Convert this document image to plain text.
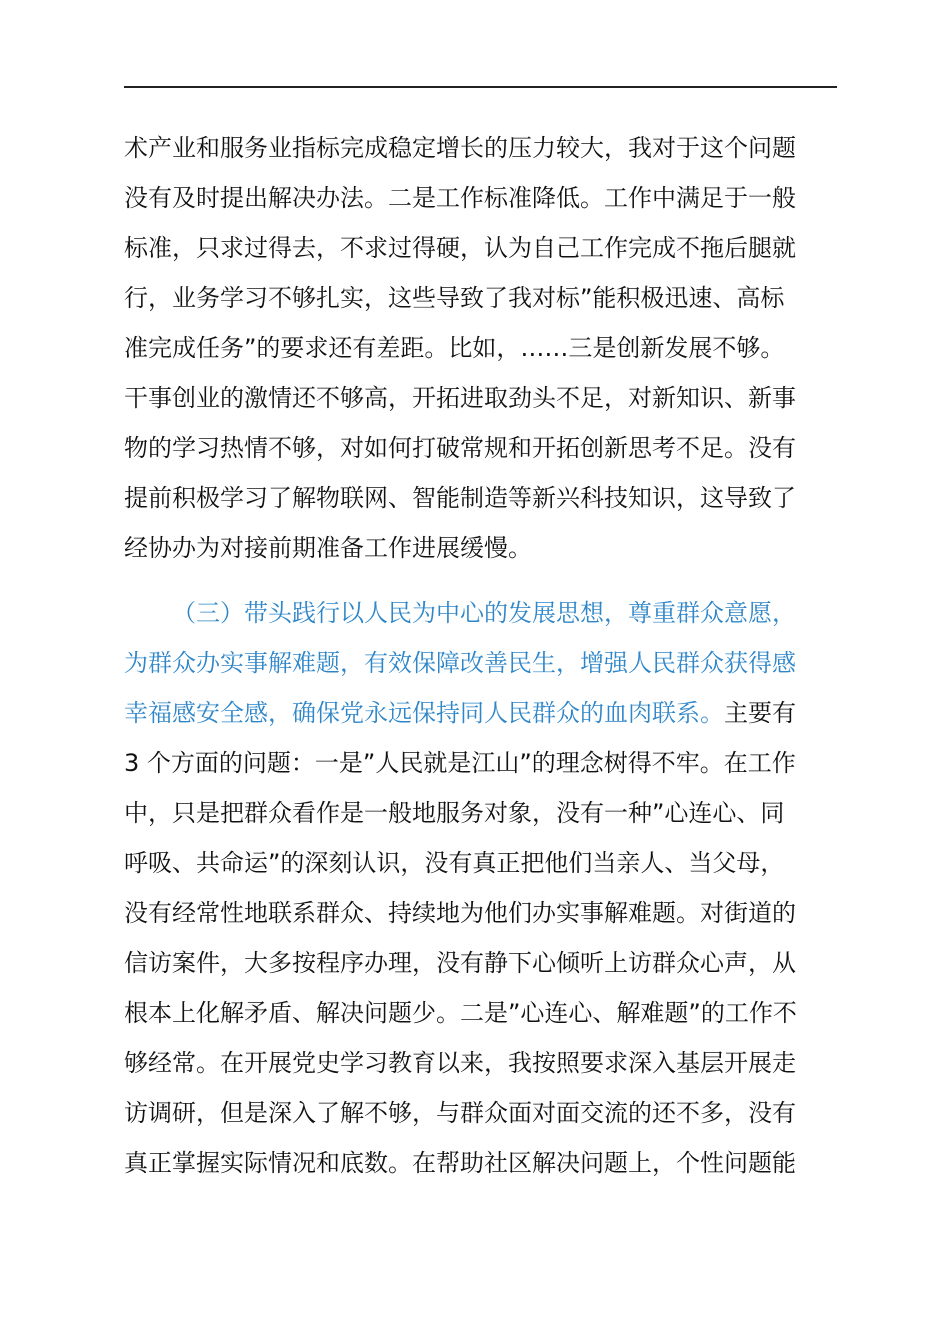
术产业和服务业指标完成稳定增长的压力较大，我对于这个问题
没有及时提出解决办法。二是工作标准降低。工作中满足于一般
标准，只求过得去，不求过得硬，认为自己工作完成不拖后腿就
行，业务学习不够扎实，这些导致了我对标”能积极迅速、高标
准完成任务”的要求还有差距。比如，……三是创新发展不够。
干事创业的激情还不够高，开拓进取劲头不足，对新知识、新事
物的学习热情不够，对如何打破常规和开拓创新思考不足。没有
提前积极学习了解物联网、智能制造等新兴科技知识，这导致了
经协办为对接前期准备工作进展缓慢。
（三）带头践行以人民为中心的发展思想，尊重群众意愿，
为群众办实事解难题，有效保障改善民生，增强人民群众获得感
幸福感安全感，确保党永远保持同人民群众的血肉联系。主要有
3 个方面的问题：一是”人民就是江山”的理念树得不牢。在工作
中，只是把群众看作是一般地服务对象，没有一种”心连心、同
呼吸、共命运”的深刻认识，没有真正把他们当亲人、当父母，
没有经常性地联系群众、持续地为他们办实事解难题。对街道的
信访案件，大多按程序办理，没有静下心倾听上访群众心声，从
根本上化解矛盾、解决问题少。二是”心连心、解难题”的工作不
够经常。在开展党史学习教育以来，我按照要求深入基层开展走
访调研，但是深入了解不够，与群众面对面交流的还不多，没有
真正掌握实际情况和底数。在帮助社区解决问题上，个性问题能
